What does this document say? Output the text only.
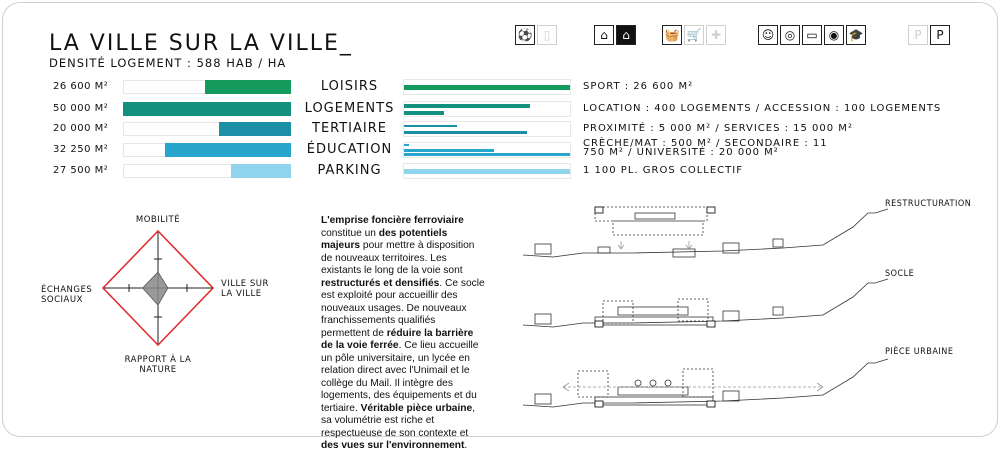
LA VILLE SUR LA VILLE_
DENSITÉ LOGEMENT : 588 HAB / HA
⚽ ▯	⌂	⌂	🧺 🛒 ✚	☺ ◎ ▭ ◉ 🎓	P	P
26 600 M²	LOISIRS	SPORT : 26 600 M²
50 000 M²	LOGEMENTS	LOCATION : 400 LOGEMENTS / ACCESSION : 100 LOGEMENTS
20 000 M²	TERTIAIRE	PROXIMITÉ : 5 000 M² / SERVICES : 15 000 M²
32 250 M²	ÉDUCATION	CRÈCHE/MAT : 500 M² / SECONDAIRE : 11 750 M² / UNIVERSITÉ : 20 000 M²
27 500 M²	PARKING	1 100 PL. GROS COLLECTIF
MOBILITÉ
VILLE SUR LA VILLE
RAPPORT À LA NATURE
ÉCHANGES SOCIAUX
L'emprise foncière ferroviaire constitue un des potentiels majeurs pour mettre à disposition de nouveaux territoires. Les existants le long de la voie sont restructurés et densifiés. Ce socle est exploité pour accueillir des nouveaux usages. De nouveaux franchissements qualifiés permettent de réduire la barrière de la voie ferrée. Ce lieu accueille un pôle universitaire, un lycée en relation direct avec l'Unimail et le collège du Mail. Il intègre des logements, des équipements et du tertiaire. Véritable pièce urbaine, sa volumétrie est riche et respectueuse de son contexte et des vues sur l'environnement.
RESTRUCTURATION
SOCLE
PIÈCE URBAINE
